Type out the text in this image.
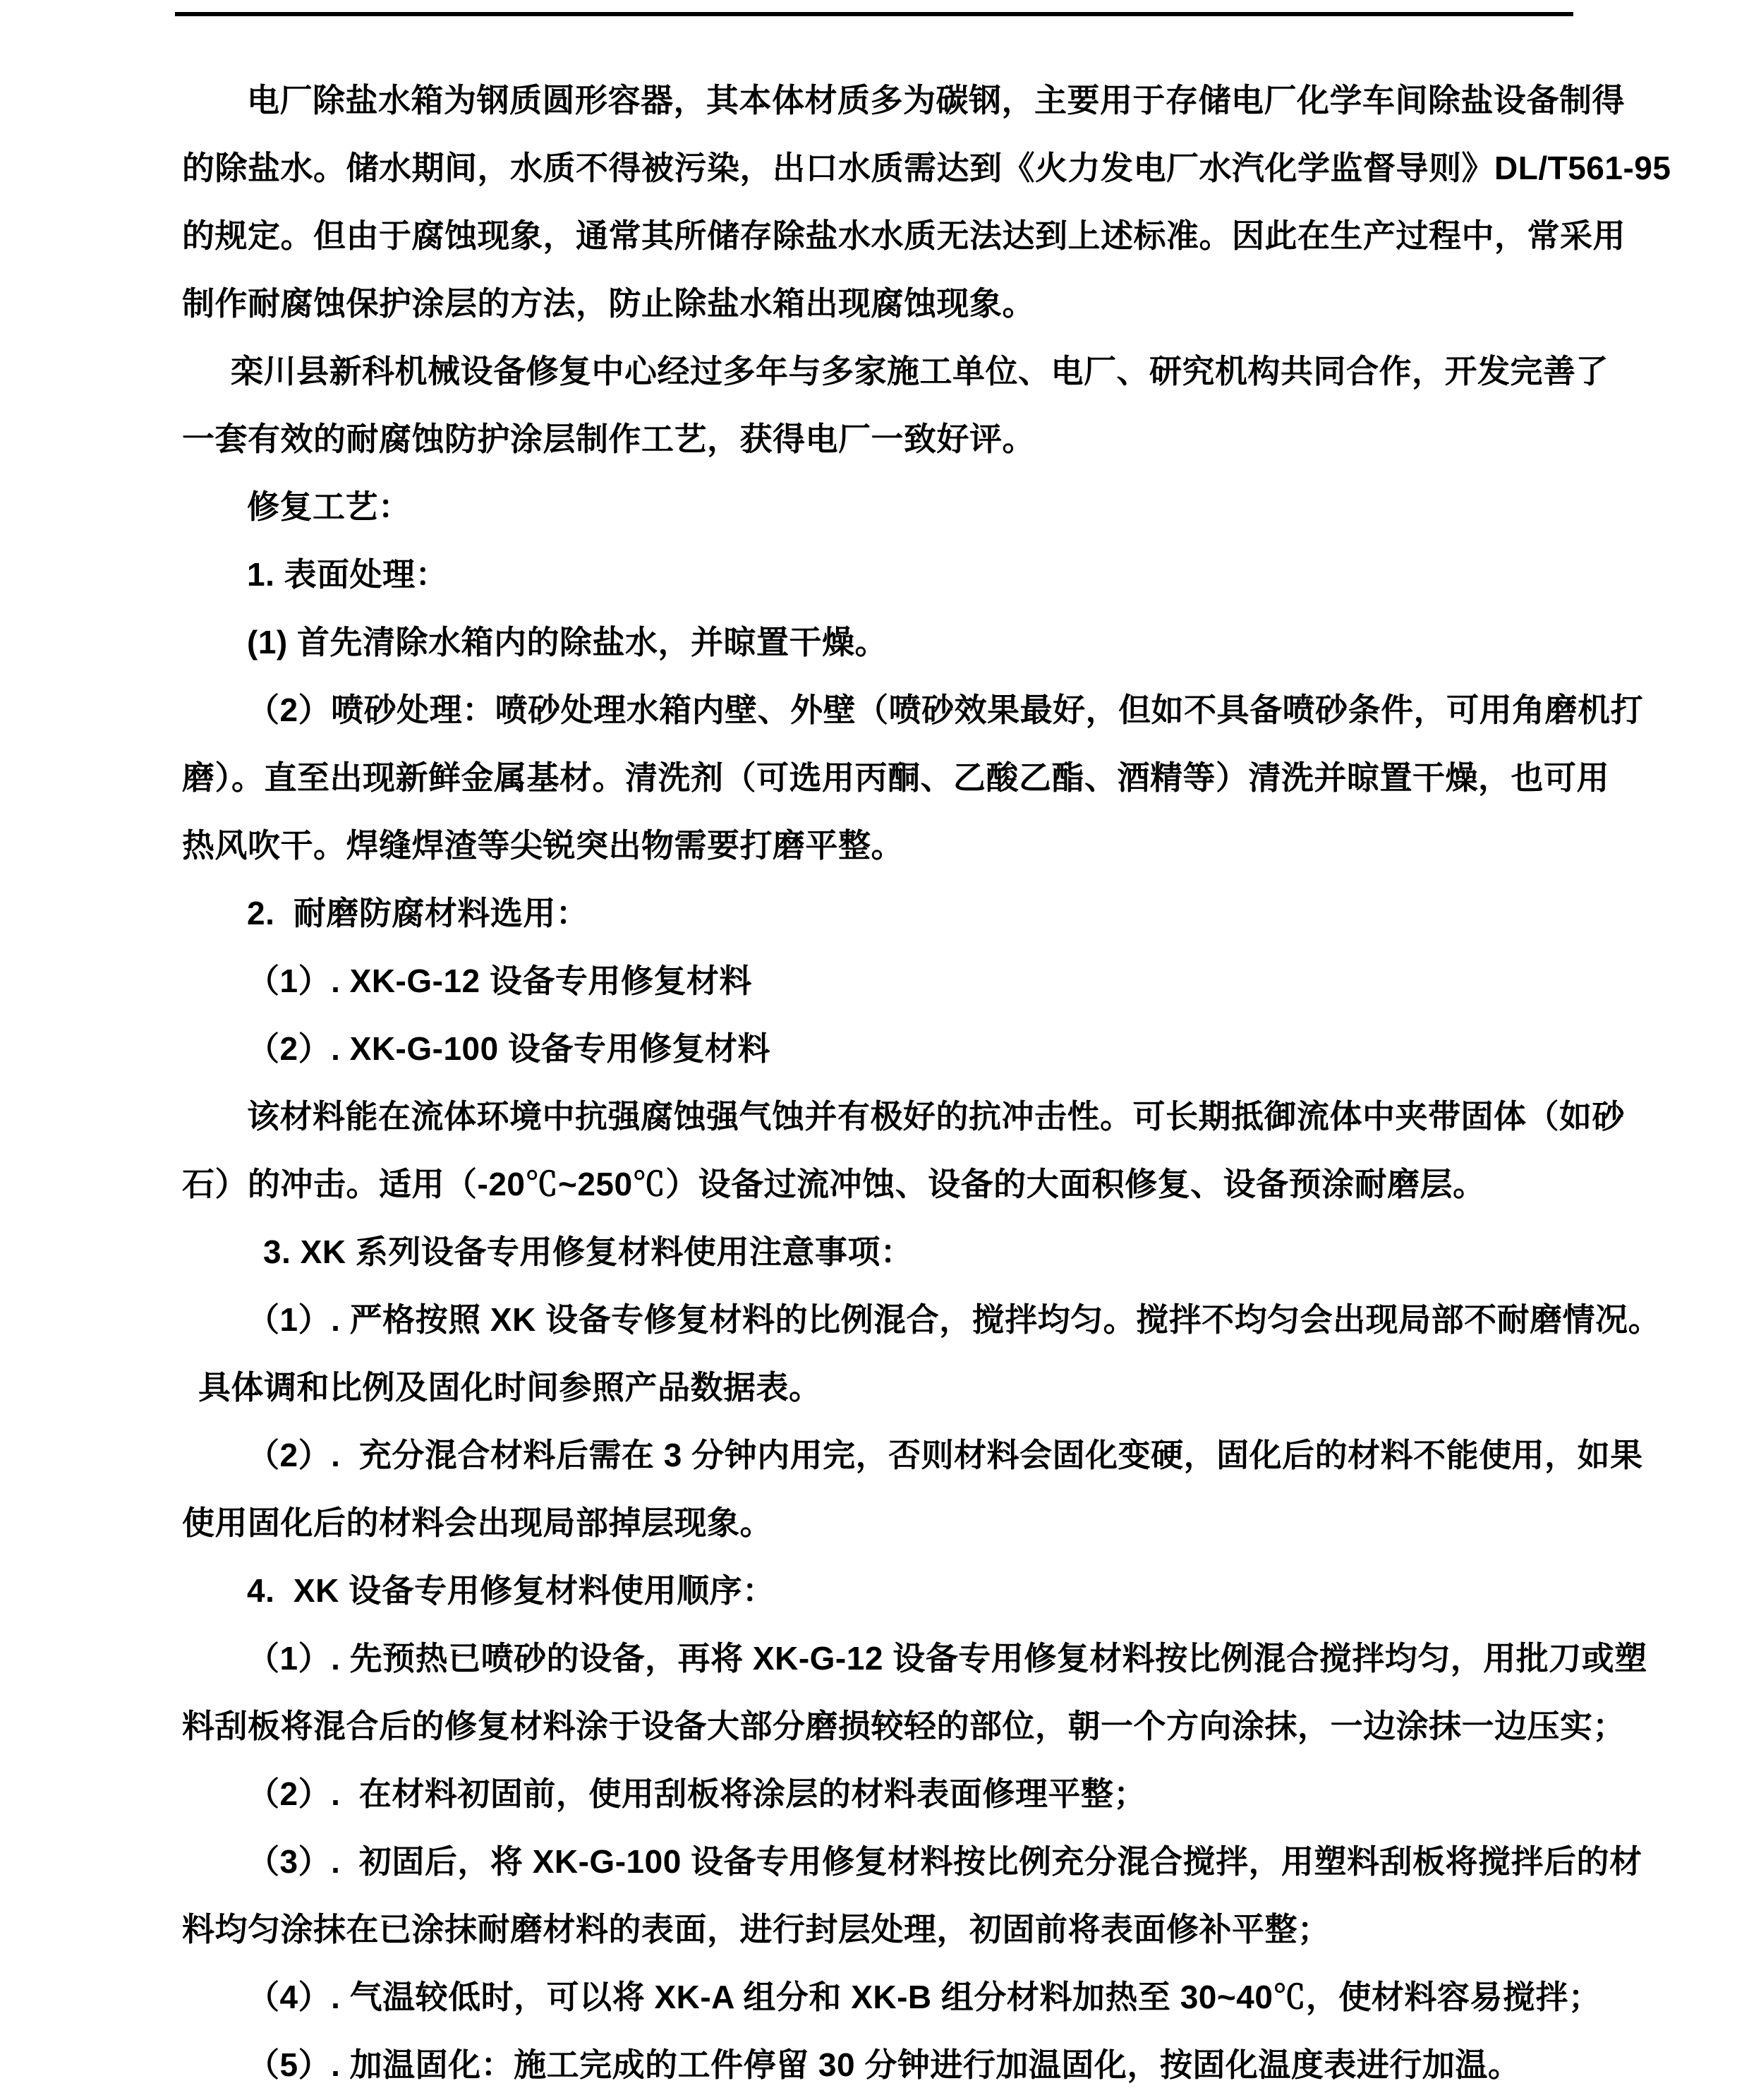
电厂除盐水箱为钢质圆形容器，其本体材质多为碳钢，主要用于存储电厂化学车间除盐设备制得
的除盐水。储水期间，水质不得被污染，出口水质需达到《火力发电厂水汽化学监督导则》DL/T561-95
的规定。但由于腐蚀现象，通常其所储存除盐水水质无法达到上述标准。因此在生产过程中，常采用
制作耐腐蚀保护涂层的方法，防止除盐水箱出现腐蚀现象。
栾川县新科机械设备修复中心经过多年与多家施工单位、电厂、研究机构共同合作，开发完善了
一套有效的耐腐蚀防护涂层制作工艺，获得电厂一致好评。
修复工艺：
1. 表面处理：
(1) 首先清除水箱内的除盐水，并晾置干燥。
（2）喷砂处理：喷砂处理水箱内壁、外壁（喷砂效果最好，但如不具备喷砂条件，可用角磨机打
磨）。直至出现新鲜金属基材。清洗剂（可选用丙酮、乙酸乙酯、酒精等）清洗并晾置干燥，也可用
热风吹干。焊缝焊渣等尖锐突出物需要打磨平整。
2.  耐磨防腐材料选用：
（1）. XK-G-12 设备专用修复材料
（2）. XK-G-100 设备专用修复材料
该材料能在流体环境中抗强腐蚀强气蚀并有极好的抗冲击性。可长期抵御流体中夹带固体（如砂
石）的冲击。适用（-20℃~250℃）设备过流冲蚀、设备的大面积修复、设备预涂耐磨层。
3. XK 系列设备专用修复材料使用注意事项：
（1）. 严格按照 XK 设备专修复材料的比例混合，搅拌均匀。搅拌不均匀会出现局部不耐磨情况。
具体调和比例及固化时间参照产品数据表。
（2）.  充分混合材料后需在 3 分钟内用完，否则材料会固化变硬，固化后的材料不能使用，如果
使用固化后的材料会出现局部掉层现象。
4.  XK 设备专用修复材料使用顺序：
（1）. 先预热已喷砂的设备，再将 XK-G-12 设备专用修复材料按比例混合搅拌均匀，用批刀或塑
料刮板将混合后的修复材料涂于设备大部分磨损较轻的部位，朝一个方向涂抹，一边涂抹一边压实；
（2）.  在材料初固前，使用刮板将涂层的材料表面修理平整；
（3）.  初固后，将 XK-G-100 设备专用修复材料按比例充分混合搅拌，用塑料刮板将搅拌后的材
料均匀涂抹在已涂抹耐磨材料的表面，进行封层处理，初固前将表面修补平整；
（4）. 气温较低时，可以将 XK-A 组分和 XK-B 组分材料加热至 30~40℃，使材料容易搅拌；
（5）. 加温固化：施工完成的工件停留 30 分钟进行加温固化，按固化温度表进行加温。
